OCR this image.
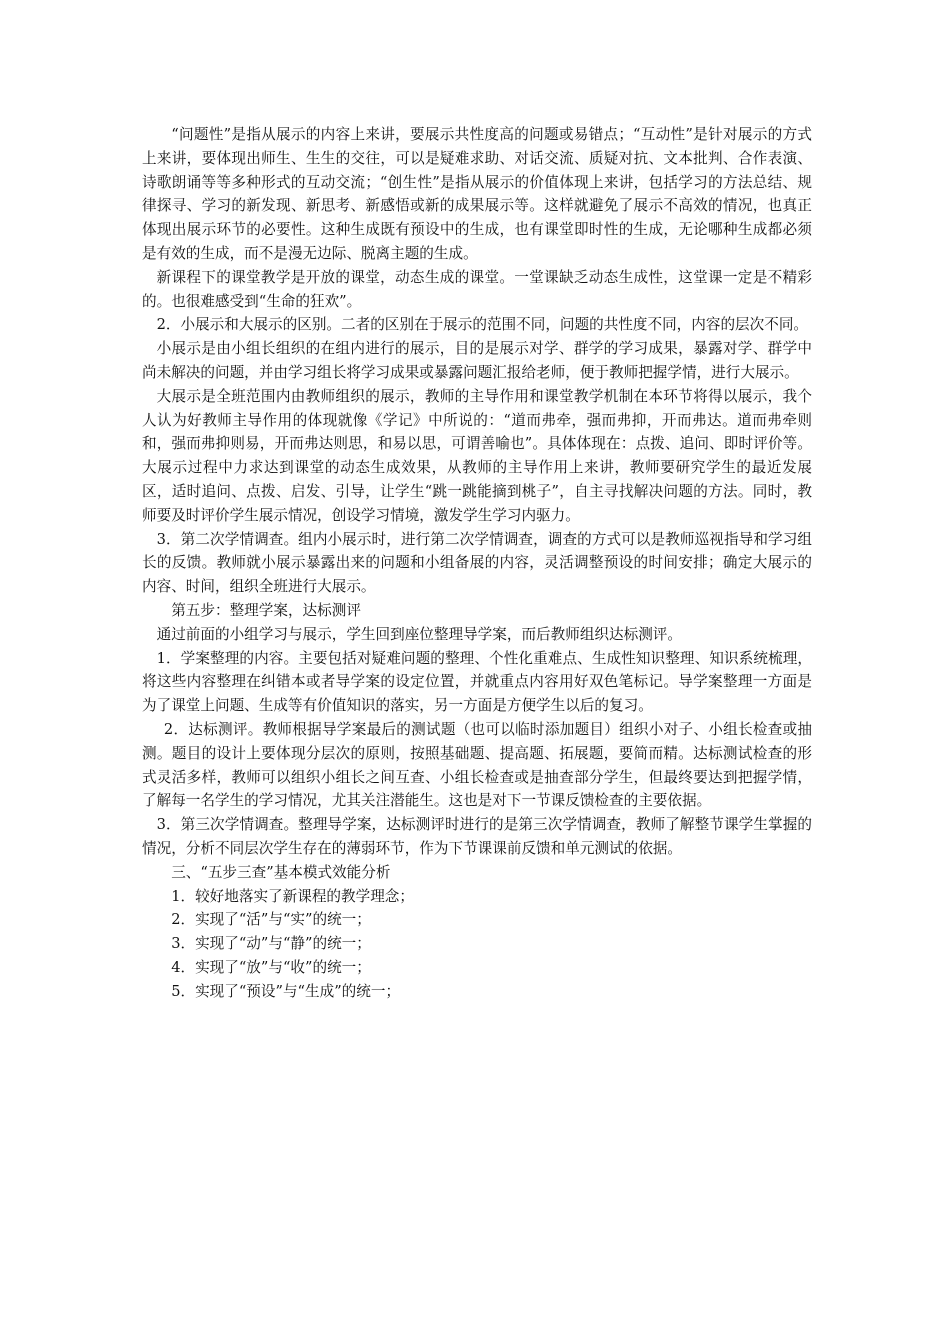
“问题性”是指从展示的内容上来讲，要展示共性度高的问题或易错点；“互动性”是针对展示的方式上来讲，要体现出师生、生生的交往，可以是疑难求助、对话交流、质疑对抗、文本批判、合作表演、诗歌朗诵等等多种形式的互动交流；“创生性”是指从展示的价值体现上来讲，包括学习的方法总结、规律探寻、学习的新发现、新思考、新感悟或新的成果展示等。这样就避免了展示不高效的情况，也真正体现出展示环节的必要性。这种生成既有预设中的生成，也有课堂即时性的生成，无论哪种生成都必须是有效的生成，而不是漫无边际、脱离主题的生成。

新课程下的课堂教学是开放的课堂，动态生成的课堂。一堂课缺乏动态生成性，这堂课一定是不精彩的。也很难感受到“生命的狂欢”。

2．小展示和大展示的区别。二者的区别在于展示的范围不同，问题的共性度不同，内容的层次不同。

小展示是由小组长组织的在组内进行的展示，目的是展示对学、群学的学习成果，暴露对学、群学中尚未解决的问题，并由学习组长将学习成果或暴露问题汇报给老师，便于教师把握学情，进行大展示。

大展示是全班范围内由教师组织的展示，教师的主导作用和课堂教学机制在本环节将得以展示，我个人认为好教师主导作用的体现就像《学记》中所说的：“道而弗牵，强而弗抑，开而弗达。道而弗牵则和，强而弗抑则易，开而弗达则思，和易以思，可谓善喻也”。具体体现在：点拨、追问、即时评价等。大展示过程中力求达到课堂的动态生成效果，从教师的主导作用上来讲，教师要研究学生的最近发展区，适时追问、点拨、启发、引导，让学生“跳一跳能摘到桃子”，自主寻找解决问题的方法。同时，教师要及时评价学生展示情况，创设学习情境，激发学生学习内驱力。

3．第二次学情调查。组内小展示时，进行第二次学情调查，调查的方式可以是教师巡视指导和学习组长的反馈。教师就小展示暴露出来的问题和小组备展的内容，灵活调整预设的时间安排；确定大展示的内容、时间，组织全班进行大展示。

第五步：整理学案，达标测评

通过前面的小组学习与展示，学生回到座位整理导学案，而后教师组织达标测评。

1．学案整理的内容。主要包括对疑难问题的整理、个性化重难点、生成性知识整理、知识系统梳理，将这些内容整理在纠错本或者导学案的设定位置，并就重点内容用好双色笔标记。导学案整理一方面是为了课堂上问题、生成等有价值知识的落实，另一方面是方便学生以后的复习。

2．达标测评。教师根据导学案最后的测试题（也可以临时添加题目）组织小对子、小组长检查或抽测。题目的设计上要体现分层次的原则，按照基础题、提高题、拓展题，要简而精。达标测试检查的形式灵活多样，教师可以组织小组长之间互查、小组长检查或是抽查部分学生，但最终要达到把握学情，了解每一名学生的学习情况，尤其关注潜能生。这也是对下一节课反馈检查的主要依据。

3．第三次学情调查。整理导学案，达标测评时进行的是第三次学情调查，教师了解整节课学生掌握的情况，分析不同层次学生存在的薄弱环节，作为下节课课前反馈和单元测试的依据。

三、“五步三查”基本模式效能分析

1．较好地落实了新课程的教学理念；

2．实现了“活”与“实”的统一；

3．实现了“动”与“静”的统一；

4．实现了“放”与“收”的统一；

5．实现了“预设”与“生成”的统一；
